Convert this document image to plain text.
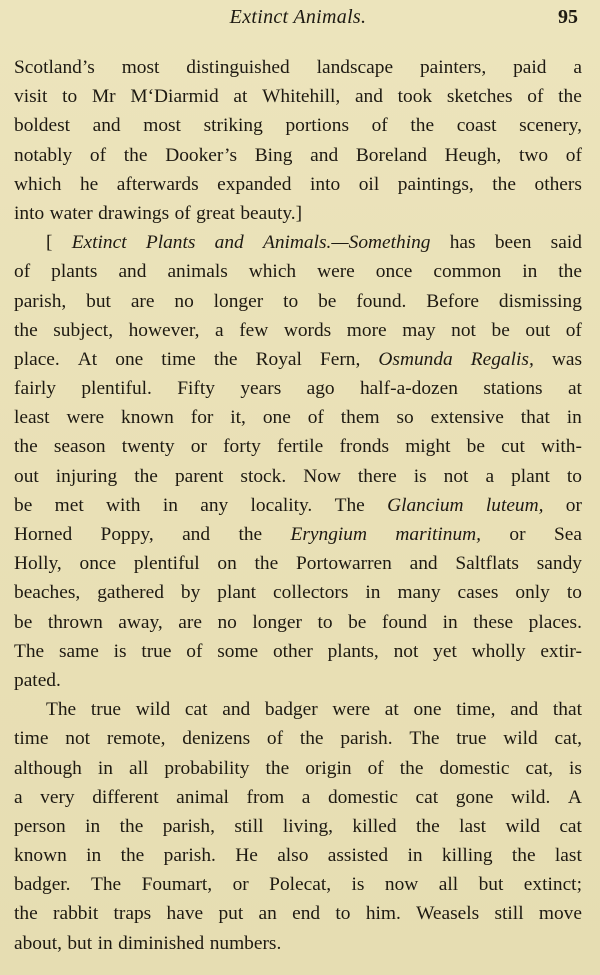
Extinct Animals.	95
Scotland’s most distinguished landscape painters, paid a
visit to Mr M‘Diarmid at Whitehill, and took sketches of the
boldest and most striking portions of the coast scenery,
notably of the Dooker’s Bing and Boreland Heugh, two of
which he afterwards expanded into oil paintings, the others
into water drawings of great beauty.]
[ Extinct Plants and Animals.—Something has been said
of plants and animals which were once common in the
parish, but are no longer to be found. Before dismissing
the subject, however, a few words more may not be out of
place. At one time the Royal Fern, Osmunda Regalis, was
fairly plentiful. Fifty years ago half-a-dozen stations at
least were known for it, one of them so extensive that in
the season twenty or forty fertile fronds might be cut with-
out injuring the parent stock. Now there is not a plant to
be met with in any locality. The Glancium luteum, or
Horned Poppy, and the Eryngium maritinum, or Sea
Holly, once plentiful on the Portowarren and Saltflats sandy
beaches, gathered by plant collectors in many cases only to
be thrown away, are no longer to be found in these places.
The same is true of some other plants, not yet wholly extir-
pated.
The true wild cat and badger were at one time, and that
time not remote, denizens of the parish. The true wild cat,
although in all probability the origin of the domestic cat, is
a very different animal from a domestic cat gone wild. A
person in the parish, still living, killed the last wild cat
known in the parish. He also assisted in killing the last
badger. The Foumart, or Polecat, is now all but extinct;
the rabbit traps have put an end to him. Weasels still move
about, but in diminished numbers.
